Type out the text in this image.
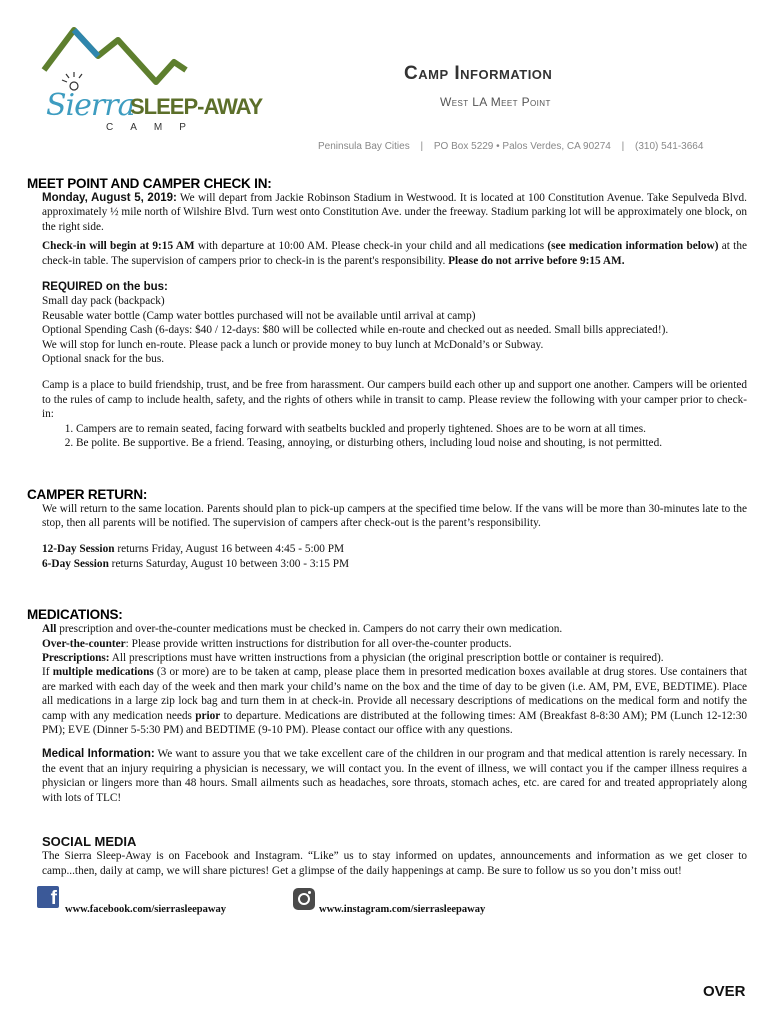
Sierra
SLEEP-AWAY
CAMP
Camp Information
West LA Meet Point
Peninsula Bay Cities | PO Box 5229 • Palos Verdes, CA 90274 | (310) 541-3664
MEET POINT AND CAMPER CHECK IN:

Monday, August 5, 2019: We will depart from Jackie Robinson Stadium in Westwood. It is located at 100 Constitution Avenue. Take Sepulveda Blvd. approximately ½ mile north of Wilshire Blvd. Turn west onto Constitution Ave. under the freeway. Stadium parking lot will be approximately one block, on the right side.

Check-in will begin at 9:15 AM with departure at 10:00 AM. Please check-in your child and all medications (see medication information below) at the check-in table. The supervision of campers prior to check-in is the parent's responsibility. Please do not arrive before 9:15 AM.

REQUIRED on the bus:

Small day pack (backpack)

Reusable water bottle (Camp water bottles purchased will not be available until arrival at camp)

Optional Spending Cash (6-days: $40 / 12-days: $80 will be collected while en-route and checked out as needed. Small bills appreciated!).

We will stop for lunch en-route. Please pack a lunch or provide money to buy lunch at McDonald’s or Subway.

Optional snack for the bus.

Camp is a place to build friendship, trust, and be free from harassment. Our campers build each other up and support one another. Campers will be oriented to the rules of camp to include health, safety, and the rights of others while in transit to camp. Please review the following with your camper prior to check-in:

1. Campers are to remain seated, facing forward with seatbelts buckled and properly tightened. Shoes are to be worn at all times.
2. Be polite. Be supportive. Be a friend. Teasing, annoying, or disturbing others, including loud noise and shouting, is not permitted.
CAMPER RETURN:

We will return to the same location. Parents should plan to pick-up campers at the specified time below. If the vans will be more than 30-minutes late to the stop, then all parents will be notified. The supervision of campers after check-out is the parent’s responsibility.

12-Day Session returns Friday, August 16 between 4:45 - 5:00 PM

6-Day Session returns Saturday, August 10 between 3:00 - 3:15 PM

MEDICATIONS:

All prescription and over-the-counter medications must be checked in. Campers do not carry their own medication.

Over-the-counter: Please provide written instructions for distribution for all over-the-counter products.

Prescriptions: All prescriptions must have written instructions from a physician (the original prescription bottle or container is required).

If multiple medications (3 or more) are to be taken at camp, please place them in presorted medication boxes available at drug stores. Use containers that are marked with each day of the week and then mark your child’s name on the box and the time of day to be given (i.e. AM, PM, EVE, BEDTIME). Place all medications in a large zip lock bag and turn them in at check-in. Provide all necessary descriptions of medications on the medical form and notify the camp with any medication needs prior to departure. Medications are distributed at the following times: AM (Breakfast 8-8:30 AM); PM (Lunch 12-12:30 PM); EVE (Dinner 5-5:30 PM) and BEDTIME (9-10 PM). Please contact our office with any questions.

Medical Information: We want to assure you that we take excellent care of the children in our program and that medical attention is rarely necessary. In the event that an injury requiring a physician is necessary, we will contact you. In the event of illness, we will contact you if the camper illness requires a physician or lingers more than 48 hours. Small ailments such as headaches, sore throats, stomach aches, etc. are cared for and treated appropriately along with lots of TLC!

SOCIAL MEDIA

The Sierra Sleep-Away is on Facebook and Instagram. “Like” us to stay informed on updates, announcements and information as we get closer to camp...then, daily at camp, we will share pictures! Get a glimpse of the daily happenings at camp. Be sure to follow us so you don’t miss out!

f
www.facebook.com/sierrasleepaway	www.instagram.com/sierrasleepaway
OVER
